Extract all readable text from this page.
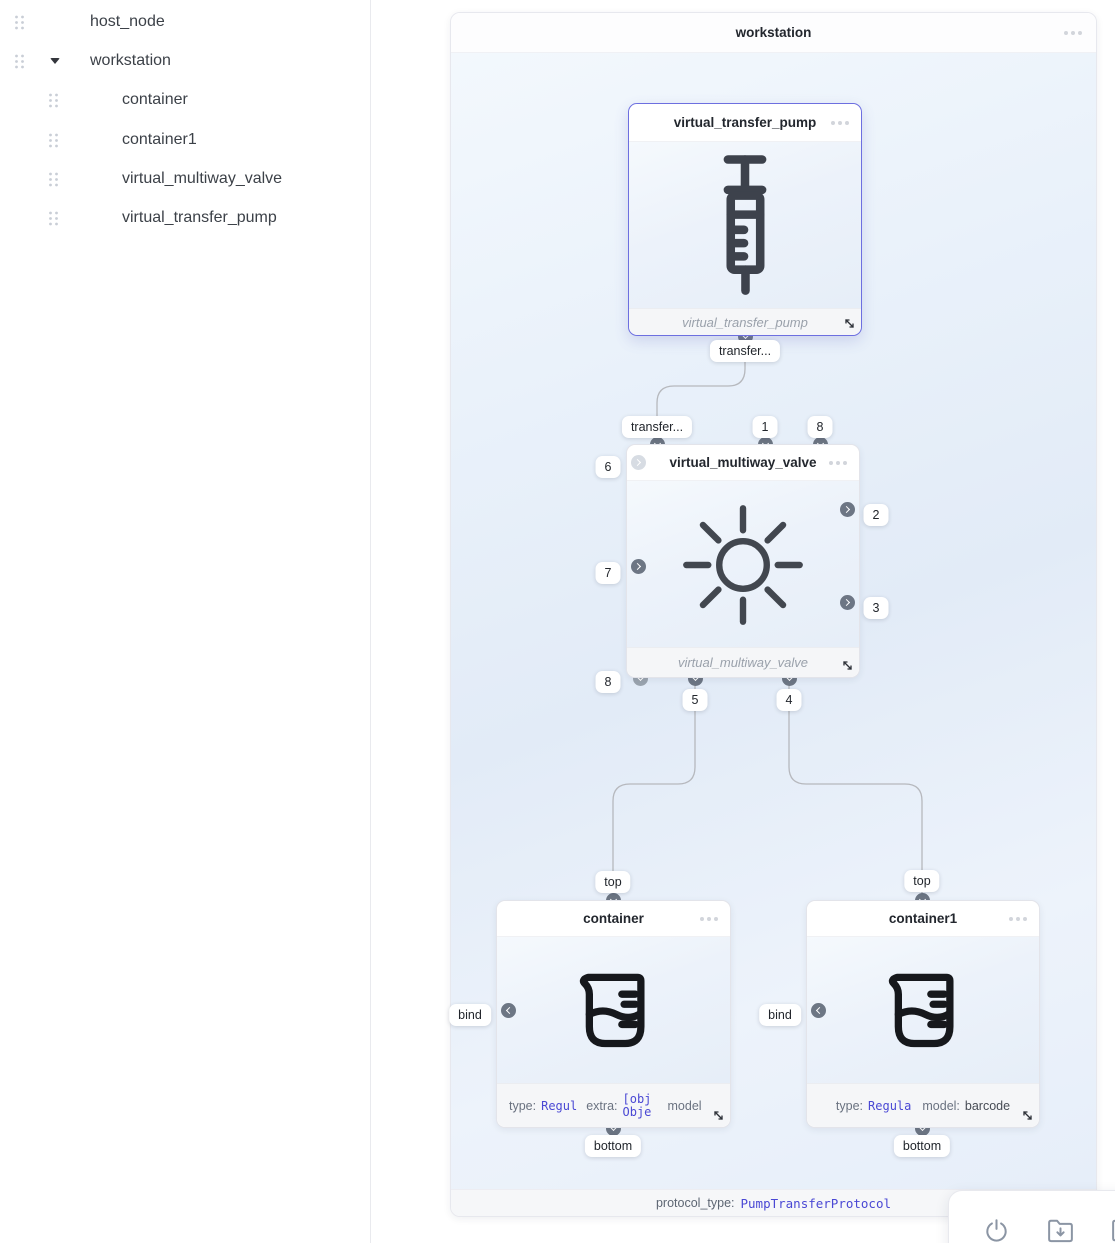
host_node
workstation
container
container1
virtual_multiway_valve
virtual_transfer_pump
workstation
protocol_type: PumpTransferProtocol
virtual_transfer_pump
virtual_transfer_pump
virtual_multiway_valve
virtual_multiway_valve
container
type: Regul extra: [obj Obje	model
container1
type: Regula model: barcode
transfer...
transfer...	1	8
6
7
8
2
3
5	4
top
bind
bottom
top
bind
bottom
